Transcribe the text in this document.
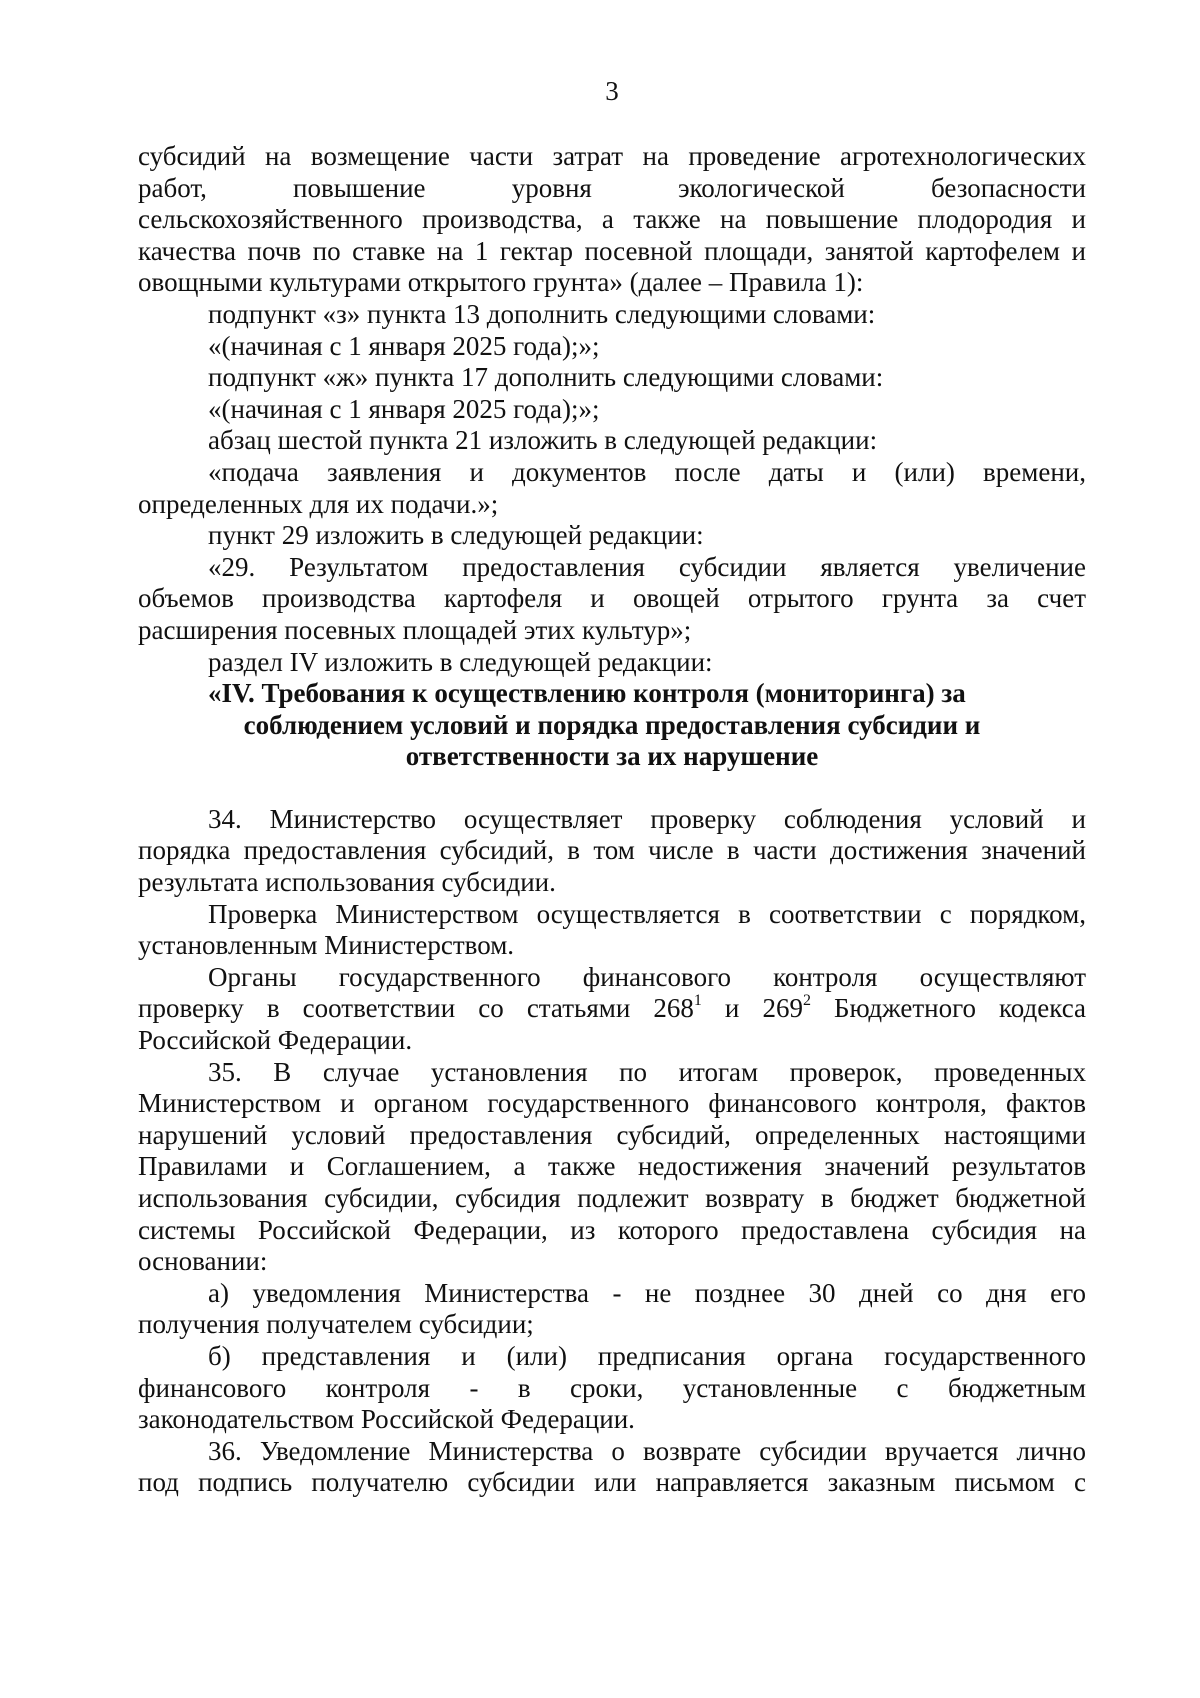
3

субсидий на возмещение части затрат на проведение агротехнологических
работ, повышение уровня экологической безопасности
сельскохозяйственного производства, а также на повышение плодородия и
качества почв по ставке на 1 гектар посевной площади, занятой картофелем и
овощными культурами открытого грунта» (далее – Правила 1):

подпункт «з» пункта 13 дополнить следующими словами:

«(начиная с 1 января 2025 года);»;

подпункт «ж» пункта 17 дополнить следующими словами:

«(начиная с 1 января 2025 года);»;

абзац шестой пункта 21 изложить в следующей редакции:

«подача заявления и документов после даты и (или) времени,
определенных для их подачи.»;

пункт 29 изложить в следующей редакции:

«29. Результатом предоставления субсидии является увеличение
объемов производства картофеля и овощей отрытого грунта за счет
расширения посевных площадей этих культур»;

раздел IV изложить в следующей редакции:

«IV. Требования к осуществлению контроля (мониторинга) за
соблюдением условий и порядка предоставления субсидии и
ответственности за их нарушение

34. Министерство осуществляет проверку соблюдения условий и
порядка предоставления субсидий, в том числе в части достижения значений
результата использования субсидии.

Проверка Министерством осуществляется в соответствии с порядком,
установленным Министерством.

Органы государственного финансового контроля осуществляют
проверку в соответствии со статьями $268^1$ и $269^2$ Бюджетного кодекса
Российской Федерации.

35. В случае установления по итогам проверок, проведенных
Министерством и органом государственного финансового контроля, фактов
нарушений условий предоставления субсидий, определенных настоящими
Правилами и Соглашением, а также недостижения значений результатов
использования субсидии, субсидия подлежит возврату в бюджет бюджетной
системы Российской Федерации, из которого предоставлена субсидия на
основании:

а) уведомления Министерства - не позднее 30 дней со дня его
получения получателем субсидии;

б) представления и (или) предписания органа государственного
финансового контроля - в сроки, установленные с бюджетным
законодательством Российской Федерации.

36. Уведомление Министерства о возврате субсидии вручается лично
под подпись получателю субсидии или направляется заказным письмом с
